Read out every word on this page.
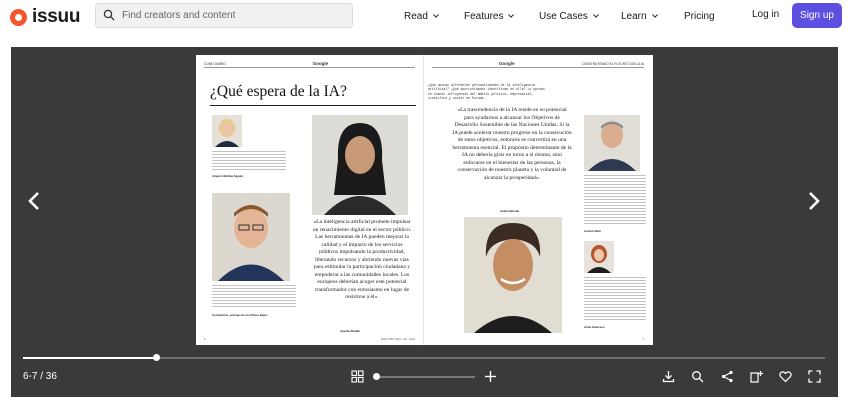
issuu
Find creators and content	Read	Features	Use Cases	Learn	Pricing	Log in	Sign up
COMO DIARIO	Google
¿Qué espera de la IA?
Amparo Medina Seguin
Constantino, principe de los Paises Bajos
«La inteligencia artificial promete impulsar un renacimiento digital en el sector público. Las herramientas de IA pueden mejorar la calidad y el impacto de los servicios públicos impulsando la productividad, liberando recursos y abriendo nuevas vías para estimular la participación ciudadana y empoderar a las comunidades locales. Los europeos deberían acoger este potencial transformador con entusiasmo en lugar de resistirse a él».
Ayesha Shaikh
6	ELECTRO MAG. NO. 2024
Google	CONSTRUYENDO EL FUTURO CON LA IA
¿Qué opinan diferentes personalidades de la inteligencia artificial? ¿Qué oportunidades identifican en ella? Lo opinan en cuanto influyentes del ámbito político, empresarial, científico y social de Europa.
«La trascendencia de la IA reside en su potencial para ayudarnos a alcanzar los Objetivos de Desarrollo Sostenible de las Naciones Unidas. Si la IA puede acelerar nuestro progreso en la consecución de estos objetivos, entonces se convertirá en una herramienta esencial. El propósito determinante de la IA no debería girar en torno a sí misma, sino enfocarse en el bienestar de las personas, la conservación de nuestro planeta y la voluntad de alcanzar la prosperidad».
Andrea Renda
Antonio Bufi
Anna Andersen
7
6-7 / 36
